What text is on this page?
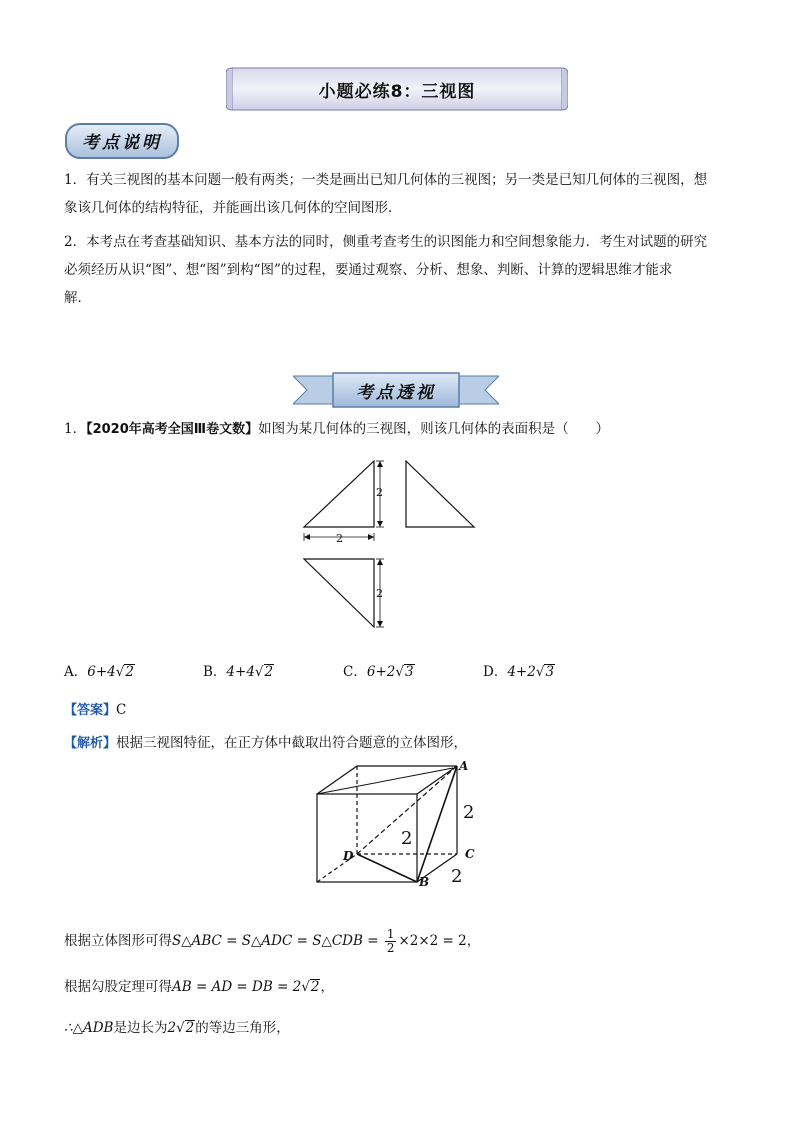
小题必练8：三视图
考点说明
1．有关三视图的基本问题一般有两类；一类是画出已知几何体的三视图；另一类是已知几何体的三视图，想
象该几何体的结构特征，并能画出该几何体的空间图形．
2．本考点在考查基础知识、基本方法的同时，侧重考查考生的识图能力和空间想象能力．考生对试题的研究
必须经历从识“图”、想“图”到构“图”的过程，要通过观察、分析、想象、判断、计算的逻辑思维才能求
解．
考点透视
1．【2020年高考全国Ⅲ卷文数】如图为某几何体的三视图，则该几何体的表面积是（　　）
2
2
2
A．6+4√2	B．4+4√2	C．6+2√3	D．4+2√3
【答案】C
【解析】根据三视图特征，在正方体中截取出符合题意的立体图形，
A
B
C
D
2
2
2
根据立体图形可得S△ABC = S△ADC = S△CDB = $\frac{1}{2} \times 2\times 2 = 2$，
根据勾股定理可得AB = AD = DB = 2√2，
∴△ADB是边长为2√2的等边三角形，
